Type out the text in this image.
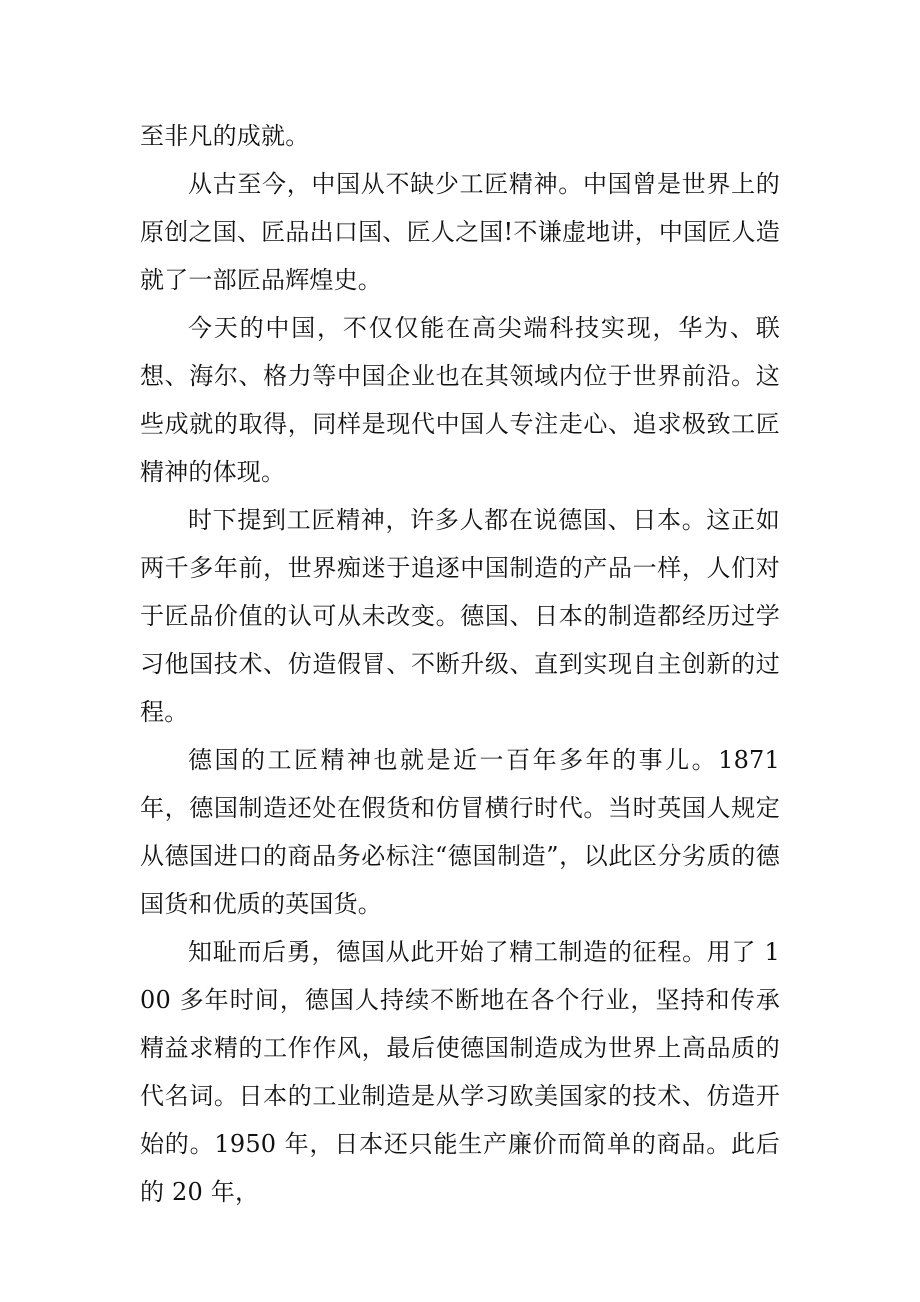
至非凡的成就。

从古至今，中国从不缺少工匠精神。中国曾是世界上的原创之国、匠品出口国、匠人之国!不谦虚地讲，中国匠人造就了一部匠品辉煌史。

今天的中国，不仅仅能在高尖端科技实现，华为、联想、海尔、格力等中国企业也在其领域内位于世界前沿。这些成就的取得，同样是现代中国人专注走心、追求极致工匠精神的体现。

时下提到工匠精神，许多人都在说德国、日本。这正如两千多年前，世界痴迷于追逐中国制造的产品一样，人们对于匠品价值的认可从未改变。德国、日本的制造都经历过学习他国技术、仿造假冒、不断升级、直到实现自主创新的过程。

德国的工匠精神也就是近一百年多年的事儿。1871 年，德国制造还处在假货和仿冒横行时代。当时英国人规定从德国进口的商品务必标注“德国制造”，以此区分劣质的德国货和优质的英国货。

知耻而后勇，德国从此开始了精工制造的征程。用了 100 多年时间，德国人持续不断地在各个行业，坚持和传承精益求精的工作作风，最后使德国制造成为世界上高品质的代名词。日本的工业制造是从学习欧美国家的技术、仿造开始的。1950 年，日本还只能生产廉价而简单的商品。此后的 20 年，
